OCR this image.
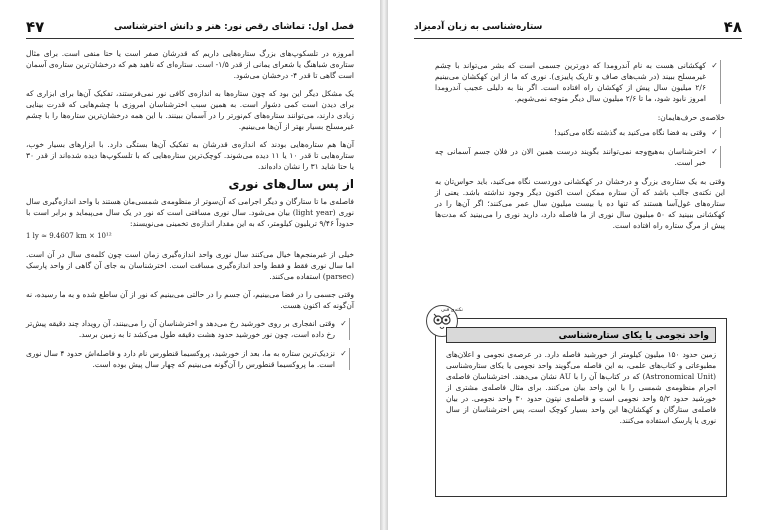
فصل اول: تماشای رقص نور: هنر و دانش اخترشناسی
۴۷

امروزه در تلسکوپ‌های بزرگ ستاره‌هایی داریم که قدرشان صفر است یا حتا منفی است. برای مثال ستاره‌ی شباهنگ یا شعرای یمانی از قدر ۱/۵- است. ستاره‌ای که ناهید هم که درخشان‌ترین ستاره‌ی آسمان است گاهی تا قدر ۴- درخشان می‌شود.

یک مشکل دیگر این بود که چون ستاره‌ها به اندازه‌ی کافی نور نمی‌فرستند، تفکیک آن‌ها برای ابزاری که برای دیدن است کمی دشوار است. به همین سبب اخترشناسان امروزی با چشم‌هایی که قدرت بینایی زیادی دارند، می‌توانند ستاره‌های کم‌نورتر را در آسمان ببینند. با این همه درخشان‌ترین ستاره‌ها را با چشم غیرمسلح بسیار بهتر از آن‌ها می‌بینیم.

آن‌ها هم ستاره‌هایی بودند که اندازه‌ی قدرشان به تفکیک آن‌ها بستگی دارد. با ابزارهای بسیار خوب، ستاره‌هایی تا قدر ۱۰ یا ۱۱ دیده می‌شوند. کوچک‌ترین ستاره‌هایی که با تلسکوپ‌ها دیده شده‌اند از قدر ۳۰ یا حتا شاید ۳۱ را نشان داده‌اند.

از پس سال‌های نوری

فاصله‌ی ما تا ستارگان و دیگر اجرامی که آن‌سوتر از منظومه‌ی شمسی‌مان هستند با واحد اندازه‌گیری سال نوری (light year) بیان می‌شود. سال نوری مسافتی است که نور در یک سال می‌پیماید و برابر است با حدوداً ۹/۴۶ تریلیون کیلومتر، که به این مقدار اندازه‌ی تخمینی می‌نویسند:

1 ly ≈ 9.4607 km × 10¹²

خیلی از غیرمنجم‌ها خیال می‌کنند سال نوری واحد اندازه‌گیری زمان است چون کلمه‌ی سال در آن است. اما سال نوری فقط و فقط واحد اندازه‌گیری مسافت است. اخترشناسان به ‌جای آن گاهی از واحد پارسک (parsec) استفاده می‌کنند.

وقتی جسمی را در فضا می‌بینیم، آن جسم را در حالتی می‌بینیم که نور از آن ساطع شده و به ما رسیده، نه آن‌گونه که اکنون هست.

✓
وقتی انفجاری بر روی خورشید رخ می‌دهد و اخترشناسان آن را می‌بینند، آن رویداد چند دقیقه پیش‌تر رخ داده است، چون نور خورشید حدود هشت دقیقه طول می‌کشد تا به زمین برسد.
✓
نزدیک‌ترین ستاره به ما، بعد از خورشید، پروکسیما قنطورس نام دارد و فاصله‌اش حدود ۴ سال نوری است. ما پروکسیما قنطورس را آن‌گونه می‌بینیم که چهار سال پیش بوده است.
۴۸
ستاره‌شناسی به زبان آدمیزاد
✓
کهکشانی هست به نام آندرومدا که دورترین جسمی است که بشر می‌تواند با چشم غیرمسلح ببیند (در شب‌های صاف و تاریک پاییزی). نوری که ما از این کهکشان می‌بینیم ۲/۶ میلیون سال پیش از کهکشان راه افتاده است. اگر بنا به دلیلی عجیب آندرومدا امروز نابود شود، ما تا ۲/۶ میلیون سال دیگر متوجه نمی‌شویم.

خلاصه‌ی حرف‌هایمان:

✓
وقتی به فضا نگاه می‌کنید به گذشته نگاه می‌کنید!
✓
اخترشناسان به‌هیچ‌وجه نمی‌توانند بگویند درست همین الان در فلان جسم آسمانی چه خبر است.

وقتی به یک ستاره‌ی بزرگ و درخشان در کهکشانی دوردست نگاه می‌کنید، باید حواس‌تان به این نکته‌ی جالب باشد که آن ستاره ممکن است اکنون دیگر وجود نداشته باشد. یعنی از ستاره‌های غول‌آسا هستند که تنها ده یا بیست میلیون سال عمر می‌کنند؛ اگر آن‌ها را در کهکشانی ببینید که ۵۰ میلیون سال نوری از ما فاصله دارد، دارید نوری را می‌بینید که مدت‌ها پیش از مرگ ستاره راه افتاده است.

نکته‌ی فنی
واحد نجومی یا یکای ستاره‌شناسی
زمین حدود ۱۵۰ میلیون کیلومتر از خورشید فاصله دارد. در عرصه‌ی نجومی و اعلان‌های مطبوعاتی و کتاب‌های علمی، به این فاصله می‌گویند واحد نجومی یا یکای ستاره‌شناسی (Astronomical Unit) که در کتاب‌ها آن را با AU نشان می‌دهند. اخترشناسان فاصله‌ی اجرام منظومه‌ی شمسی را با این واحد بیان می‌کنند. برای مثال فاصله‌ی مشتری از خورشید حدود ۵/۲ واحد نجومی است و فاصله‌ی نپتون حدود ۳۰ واحد نجومی. در بیان فاصله‌ی ستارگان و کهکشان‌ها این واحد بسیار کوچک است، پس اخترشناسان از سال نوری یا پارسک استفاده می‌کنند.
